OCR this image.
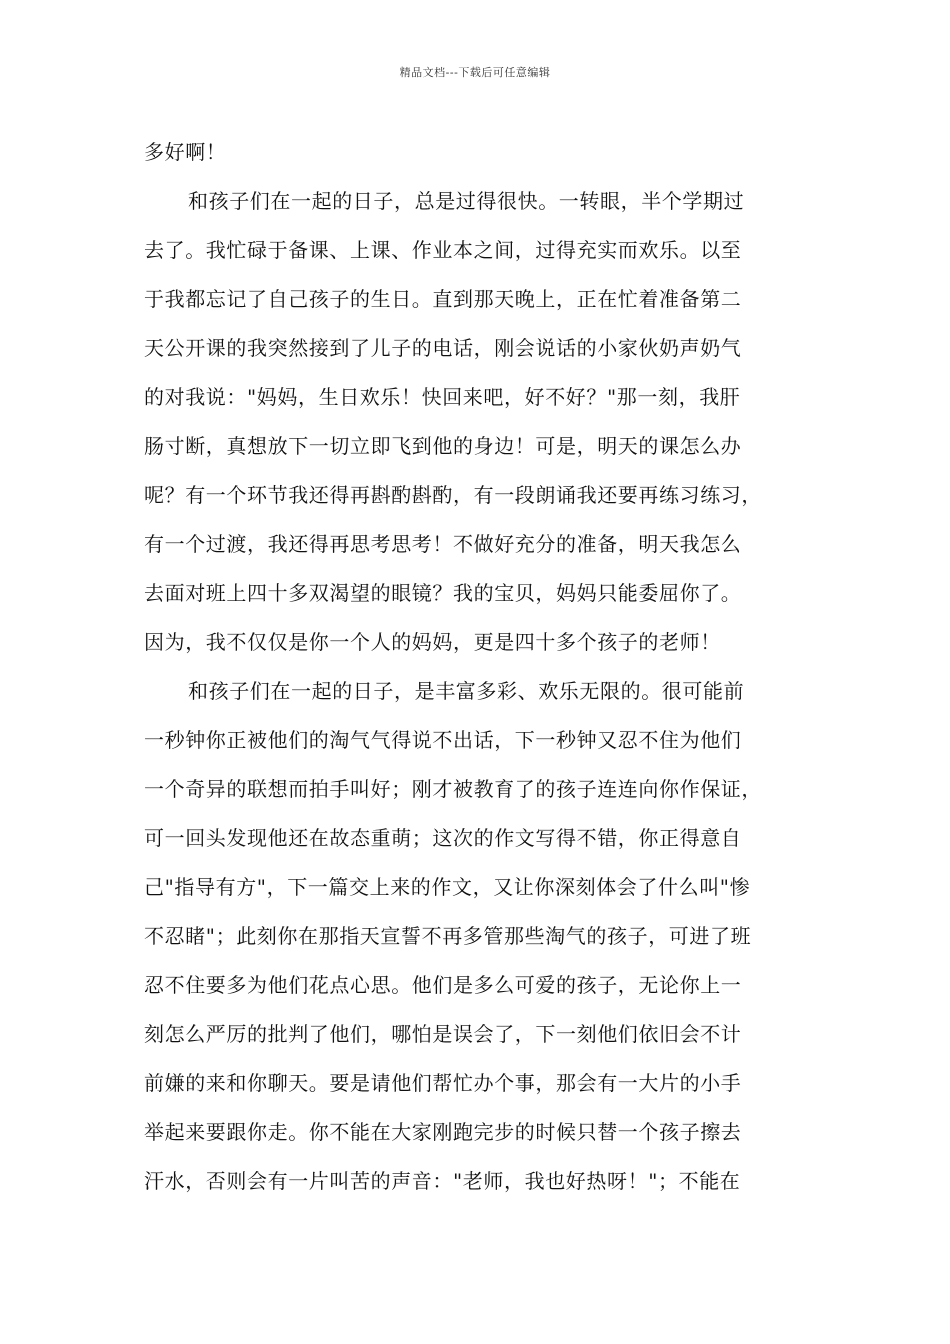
精品文档---下载后可任意编辑
多好啊！
和孩子们在一起的日子，总是过得很快。一转眼，半个学期过
去了。我忙碌于备课、上课、作业本之间，过得充实而欢乐。以至
于我都忘记了自己孩子的生日。直到那天晚上，正在忙着准备第二
天公开课的我突然接到了儿子的电话，刚会说话的小家伙奶声奶气
的对我说："妈妈，生日欢乐！快回来吧，好不好？"那一刻，我肝
肠寸断，真想放下一切立即飞到他的身边！可是，明天的课怎么办
呢？有一个环节我还得再斟酌斟酌，有一段朗诵我还要再练习练习，
有一个过渡，我还得再思考思考！不做好充分的准备，明天我怎么
去面对班上四十多双渴望的眼镜？我的宝贝，妈妈只能委屈你了。
因为，我不仅仅是你一个人的妈妈，更是四十多个孩子的老师！
和孩子们在一起的日子，是丰富多彩、欢乐无限的。很可能前
一秒钟你正被他们的淘气气得说不出话，下一秒钟又忍不住为他们
一个奇异的联想而拍手叫好；刚才被教育了的孩子连连向你作保证，
可一回头发现他还在故态重萌；这次的作文写得不错，你正得意自
己"指导有方"，下一篇交上来的作文，又让你深刻体会了什么叫"惨
不忍睹"；此刻你在那指天宣誓不再多管那些淘气的孩子，可进了班
忍不住要多为他们花点心思。他们是多么可爱的孩子，无论你上一
刻怎么严厉的批判了他们，哪怕是误会了，下一刻他们依旧会不计
前嫌的来和你聊天。要是请他们帮忙办个事，那会有一大片的小手
举起来要跟你走。你不能在大家刚跑完步的时候只替一个孩子擦去
汗水，否则会有一片叫苦的声音："老师，我也好热呀！"；不能在
